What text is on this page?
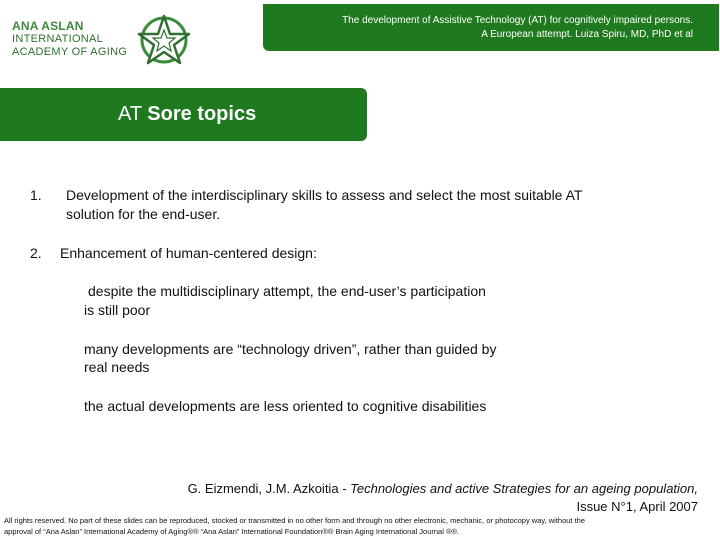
ANA ASLAN
INTERNATIONAL
ACADEMY OF AGING
The development of Assistive Technology (AT) for cognitively impaired persons.
A European attempt. Luiza Spiru, MD, PhD et al
AT Sore topics
1. Development of the interdisciplinary skills to assess and select the most suitable AT
solution for the end-user.
2. Enhancement of human-centered design:
despite the multidisciplinary attempt, the end-user’s participation
is still poor
many developments are “technology driven”, rather than guided by
real needs
the actual developments are less oriented to cognitive disabilities
G. Eizmendi, J.M. Azkoitia - Technologies and active Strategies for an ageing population,
Issue N°1, April 2007
All rights reserved. No part of these slides can be reproduced, stocked or transmitted in no other form and through no other electronic, mechanic, or photocopy way, without the
approval of “Ana Aslan” International Academy of Aging®® “Ana Aslan” International Foundation®® Brain Aging International Journal ®®.
